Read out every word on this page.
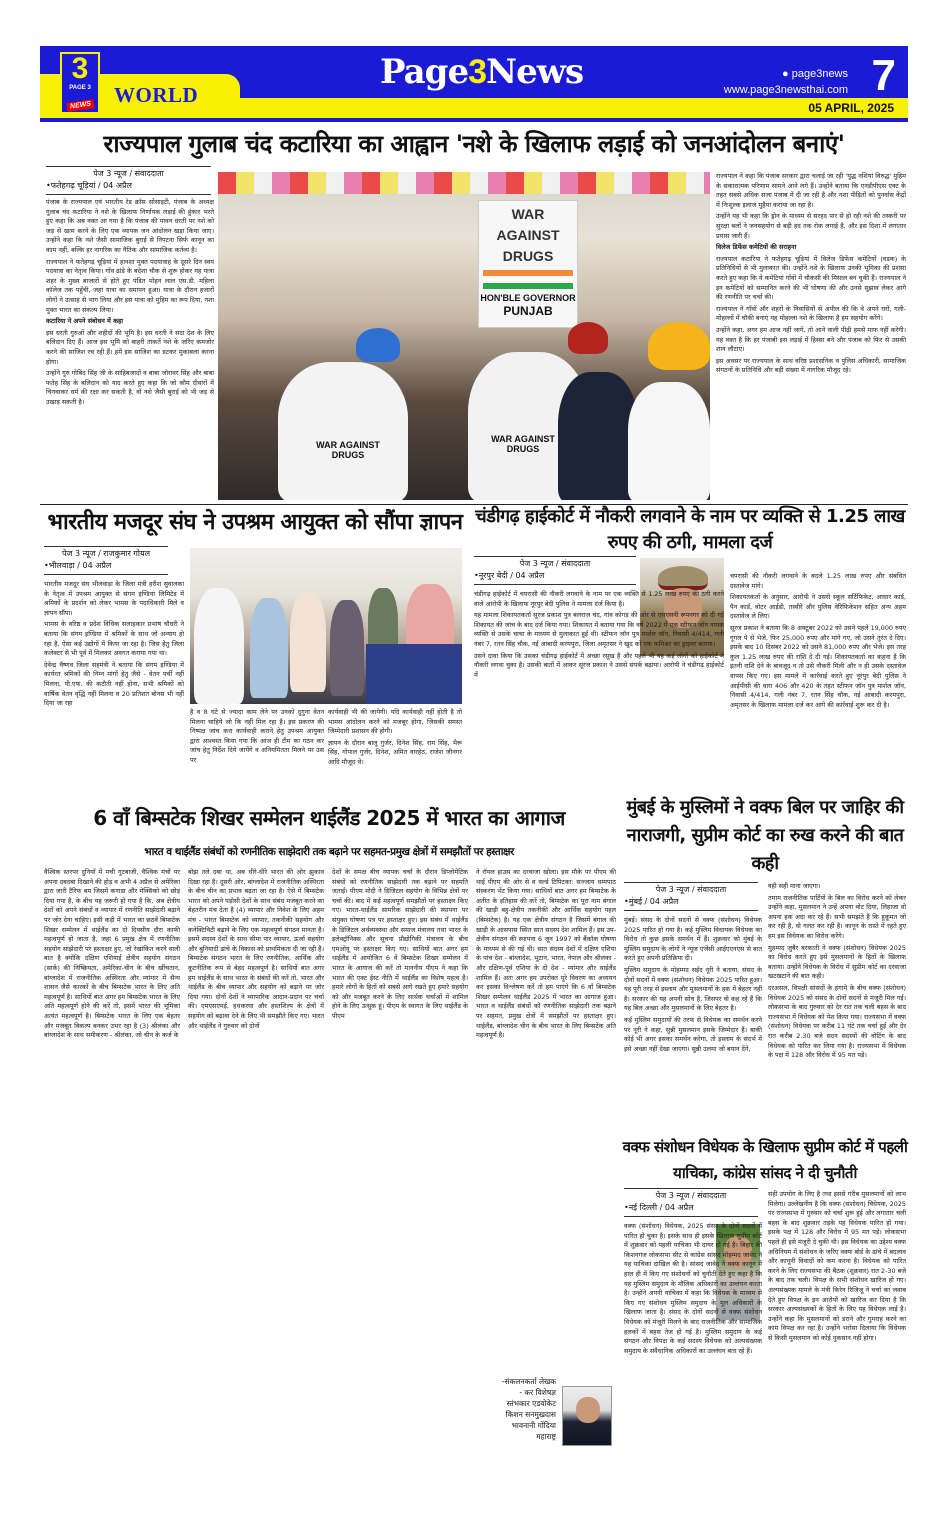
3
PAGE 3
NEWS	WORLD
Page3News	● page3news
www.page3newsthai.com 7
05 APRIL, 2025
राज्यपाल गुलाब चंद कटारिया का आह्वान 'नशे के खिलाफ लड़ाई को जनआंदोलन बनाएं'
पेज 3 न्यूज / संवाददाता
• फतेहगढ़ चूड़ियां / 04 अप्रैल

पंजाब के राज्यपाल एवं भारतीय रेड क्रॉस सोसाइटी, पंजाब के अध्यक्ष गुलाब चंद कटारिया ने नशे के खिलाफ निर्णायक लड़ाई की हुंकार भरते हुए कहा कि अब वक्त आ गया है कि पंजाब की पावन धरती पर नशे को जड़ से खत्म करने के लिए एक व्यापक जन आंदोलन खड़ा किया जाए। उन्होंने कहा कि नशे जैसी सामाजिक बुराई से निपटना सिर्फ कानून का काम नहीं, बल्कि हर नागरिक का नैतिक और सामाजिक कर्तव्य है।

राज्यपाल ने फतेहगढ़ चूड़ियां में हानशा मुक्त पदयात्राह के दूसरे दिन स्वयं पदयात्रा का नेतृत्व किया। गाँव ढांडे के बदेशा चौक से शुरू होकर यह यात्रा शहर के मुख्य बाजारों से होते हुए पंडित मोहन लाल एस.डी. महिला कॉलेज तक पहुँची, जहां यात्रा का समापन हुआ। यात्रा के दौरान हजारों लोगों ने उत्साह से भाग लिया और इस यात्रा को मुहिम का रूप दिया, नशा मुक्त भारत का संकल्प लिया।

कटारिया ने अपने संबोधन में कहा

इस धरती गुरुओं और शहीदों की भूमि है। इस धरती ने सदा देश के लिए बलिदान दिए हैं। आज इस भूमि को बाहरी ताकतें नशे के जरिए कमजोर करने की साजिश रच रही हैं। हमें इस साजिश का डटकर मुकाबला करना होगा।

उन्होंने गुरु गोबिंद सिंह जी के साहिबजादों व बाबा जोरावर सिंह और बाबा फतेह सिंह के बलिदान को याद करते हुए कहा कि जो कौम दीवारों में चिनवाकर धर्म की रक्षा कर सकती है, वो नशे जैसी बुराई को भी जड़ से उखाड़ सकती है।

WAR
AGAINST
DRUGS
HON'BLE GOVERNOR
PUNJAB
WAR AGAINST DRUGS
WAR AGAINST DRUGS

राज्यपाल ने कहा कि पंजाब सरकार द्वारा चलाई जा रही 'युद्ध नशियां विरुद्ध' मुहिम के सकारात्मक परिणाम सामने आने लगे हैं। उन्होंने बताया कि एनडीपीएस एक्ट के तहत सबसे अधिक सजा पंजाब में दी जा रही है और नशा पीड़ितों को पुनर्वास केंद्रों में निःशुल्क इलाज मुहैया कराया जा रहा है।

उन्होंने यह भी कहा कि ड्रोन के माध्यम से सरहद पार से हो रही नशे की तस्करी पर सुरक्षा बलों ने जनसहयोग से बड़ी हद तक रोक लगाई है, और इस दिशा में लगातार प्रयास जारी हैं।

विलेज डिफेंस कमेटियों की सराहना

राज्यपाल कटारिया ने फतेहगढ़ चूड़ियां में विलेज डिफेंस कमेटियों (वडक) के प्रतिनिधियों से भी मुलाकात की। उन्होंने नशे के खिलाफ उनकी भूमिका की प्रशंसा करते हुए कहा कि ये कमेटियां गाँवों में चौकसी की मिसाल बन चुकी हैं। राज्यपाल ने इन कमेटियों को सम्मानित करने की भी घोषणा की और उनसे सुझाव लेकर आगे की रणनीति पर चर्चा की।

राज्यपाल ने गाँवों और शहरों के निवासियों से अपील की कि वे अपने घरों, गली-मोहल्लों में चौकी बनाएं यह मोहल्ला नशे के खिलाफ है हम सहयोग करेंगे।

उन्होंने कहा, अगर हम आज नहीं जागे, तो आने वाली पीढ़ी हमसे माफ नहीं करेगी। यह वक्त है कि हर पंजाबी इस लड़ाई में हिस्सा बने और पंजाब को फिर से उसकी शान लौटाए।

इस अवसर पर राज्यपाल के साथ वरिष्ठ प्रशासनिक व पुलिस अधिकारी, सामाजिक संगठनों के प्रतिनिधि और बड़ी संख्या में नागरिक मौजूद रहे।

भारतीय मजदूर संघ ने उपश्रम आयुक्त को सौंपा ज्ञापन
पेज 3 न्यूज / राजकुमार गोयल
• भीलवाड़ा / 04 अप्रैल

भारतीय मजदूर संघ भीलवाड़ा के जिला मंत्री हरीश सुवालका के नेतृत्व में उपश्रम आयुक्त से संगम इण्डिया लिमिटेड में श्रमिकों के प्रदर्शन को लेकर भामस के पदाधिकारी मिले व ज्ञापन सौंपा।

भामस के वरिष्ठ व प्रदेश विधिक सलाहकार प्रभाष चौधरी ने बताया कि संगम इण्डिया में श्रमिकों के साथ जो अन्याय हो रहा है, ऐसा कई उद्योगों में किया जा रहा है। जिस हेतु जिला कलेक्टर से भी पूर्व में मिलकर अवगत कराया गया था।

देवेन्द्र वैष्णव जिला सहमंत्री ने बताया कि संगम इण्डिया में कार्यरत श्रमिकों की निम्न मांगों हेतु जैसे - वेतन पर्ची नहीं मिलना, पी.एफ. की कटौती नहीं होना, सभी श्रमिकों को वार्षिक वेतन वृद्धि नहीं मिलना व 20 प्रतिशत बोनस भी नहीं दिया जा रहा

है व 8 घंटे से ज्यादा काम लेने पर उनको दुगुना वेतन मिलना चाहिये जो कि नहीं मिल रहा है। इस प्रकरण की निष्पक्ष जांच करा कार्यवाही कराने हेतु उपश्रम आयुक्त द्वारा आश्वस्त किया गया कि आज ही टीम का गठन कर जांच हेतु निर्देश दिये जायेंगे व अनियमितता मिलने पर उस पर

कार्यवाही भी की जायेगी। यदि कार्यवाही नहीं होती है तो भामस आंदोलन करने को मजबूर होगा, जिसकी समस्त जिम्मेदारी प्रशासन की होगी।

ज्ञापन के दौरान बालू गुर्जर, दिनेश सिंह, राम सिंह, भैरू सिंह, गोपाल गुर्जर, दिनेश, अमित वारहेठ, राजेश जीनगर आदि मौजूद थे।

चंडीगढ़ हाईकोर्ट में नौकरी लगवाने के नाम पर व्यक्ति से 1.25 लाख रुपए की ठगी, मामला दर्ज
पेज 3 न्यूज / संवाददाता
• नूरपुर बेदी / 04 अप्रैल

चंडीगढ़ हाईकोर्ट में चपरासी की नौकरी लगवाने के नाम पर एक व्यक्ति से 1.25 लाख रुपए की ठगी करने वाले आरोपी के खिलाफ नूरपुर बेदी पुलिस ने मामला दर्ज किया है।

यह मामला शिकायतकर्ता सूरज प्रकाश पुत्र बलराज चंद, गांव कोगड़ की ओर से एसएसपी रूपनगर को दी गई शिकायत की जांच के बाद दर्ज किया गया। शिकायत में बताया गया कि वर्ष 2022 में एक स्टीफन जॉन नामक व्यक्ति से उसके चाचा के माध्यम से मुलाकात हुई थी। स्टीफन जॉन पुत्र मार्शल जॉन, निवासी 4/414, गली नंबर 7, रतन सिंह चौक, नई आबादी करमपुरा, जिला अमृतसर ने खुद को एक कमिश्नर का ड्राइवर बताया।

उसने दावा किया कि उसका चंडीगढ़ हाईकोर्ट में अच्छा रसूख है और पहले भी वह कई लोगों को हाईकोर्ट में नौकरी लगवा चुका है। उसकी बातों में आकर सूरज प्रकाश ने उससे संपर्क बढ़ाया। आरोपी ने चंडीगढ़ हाईकोर्ट में

चपरासी की नौकरी लगवाने के बदले 1.25 लाख रुपए और संबंधित दस्तावेज मांगे।

शिकायतकर्ता के अनुसार, आरोपी ने उससे स्कूल सर्टिफिकेट, आधार कार्ड, पैन कार्ड, वोटर आईडी, तस्वीरें और पुलिस वेरिफिकेशन सहित अन्य अहम दस्तावेज ले लिए।

सूरज प्रकाश ने बताया कि 8 अक्टूबर 2022 को उसने पहले 19,000 रुपए गूगल पे से भेजे, फिर 25,000 रुपए और मांगे गए, जो उसने तुरंत दे दिए। इसके बाद 10 दिसंबर 2022 को उसने 81,000 रुपए और भेजे। इस तरह कुल 1.25 लाख रुपए की राशि दे दी गई। शिकायतकर्ता का कहना है कि इतनी राशि देने के बावजूद न तो उसे नौकरी मिली और न ही उसके दस्तावेज वापस किए गए। इस मामले में कार्रवाई करते हुए नूरपुर बेदी पुलिस ने आईपीसी की धारा 406 और 420 के तहत स्टीफन जॉन पुत्र मार्शल जॉन, निवासी 4/414, गली नंबर 7, रतन सिंह चौक, नई आबादी करमपुरा, अमृतसर के खिलाफ मामला दर्ज कर आगे की कार्रवाई शुरू कर दी है।

6 वाँ बिम्सटेक शिखर सम्मेलन थाईलैंड 2025 में भारत का आगाज
भारत व थाईलैंड संबंधों को रणनीतिक साझेदारी तक बढ़ाने पर सहमत-प्रमुख क्षेत्रों में समझौतों पर हस्ताक्षर

वैश्विक स्तरपर दुनियाँ में मची गुटबाजी, वैश्विक मंचों पर अपना दबदबा दिखाने की होड़ व अभी 4 अप्रैल से अमेरिका द्वारा जारी टैरिफ बम जिसमें कनाडा और मेक्सिको को छोड़ दिया गया है, के बीच यह जरूरी हो गया है कि, अब क्षेत्रीय देशों को अपने संबंधों व व्यापार में रणनीति साझेदारी बढ़ाने पर जोर देना चाहिए। इसी कड़ी में भारत का छठवें बिम्सटेक शिखर सम्मेलन में थाईलैंड का दो दिवसीय दौरा काफी महत्वपूर्ण हो जाता है, जहां 6 प्रमुख क्षेत्र में रणनीतिक सहयोग साझेदारी पर हस्ताक्षर हुए, जो रेखांकित करने वाली बात है क्योंकि दक्षिण एशियाई क्षेत्रीय सहयोग संगठन (सार्क) की निष्क्रियता, अमेरिका-चीन के बीच खींचतान, बांग्लादेश में राजनीतिक अस्थिरता और म्यांमार में सैन्य शासन जैसे कारकों के बीच बिम्सटेक भारत के लिए अति महत्वपूर्ण है। साथियों बात अगर हम बिम्सटेक भारत के लिए अति महत्वपूर्ण होने की करें तो, इसमें भारत की भूमिका अत्यंत महत्वपूर्ण है। बिम्सटेक भारत के लिए एक बेहतर और मजबूत विकल्प बनकर उभर रहा है (3) श्रीलंका और बांग्लादेश के साथ समीकरण - श्रीलंका, जो चीन के कर्ज के

बोझ तले दबा था, अब धीरे-धीरे भारत की ओर झुकाव दिखा रहा है। दूसरी ओर, बांग्लादेश में राजनीतिक अस्थिरता के बीच चीन का प्रभाव बढ़ता जा रहा है। ऐसे में बिम्सटेक भारत को अपने पड़ोसी देशों के साथ संबंध मजबूत करने का बेहतरीन मंच देता है (4) व्यापार और निवेश के लिए अहम मंच - भारत बिम्सटेक को व्यापार, तकनीकी सहयोग और कनेक्टिविटी बढ़ाने के लिए एक महत्वपूर्ण संगठन मानता है। इसमें सदस्य देशों के साथ सीमा पार व्यापार, ऊर्जा सहयोग और बुनियादी ढांचे के विकास को प्राथमिकता दी जा रही है। बिम्सटेक संगठन भारत के लिए रणनीतिक, आर्थिक और कूटनीतिक रूप से बेहद महत्वपूर्ण है। साथियों बात अगर हम थाईलैंड के साथ भारत के संबंधों की करें तो, भारत और थाईलैंड के बीच व्यापार और सहयोग को बढ़ाने पर जोर दिया गया। दोनों देशों ने व्यापारिक आदान-प्रदान पर चर्चा की। एमएसएमई, हथकरघा और हस्तशिल्प के क्षेत्रों में सहयोग को बढ़ावा देने के लिए भी समझौते किए गए। भारत और थाईलैंड ने गुरुवार को दोनों

देशों के समक्ष बीच व्यापक चर्चा के दौरान डिप्लोमेटिक संबंधों को रणनीतिक साझेदारी तक बढ़ाने पर सहमति जताई। पीएम मोदी ने डिजिटल सहयोग के विभिन्न क्षेत्रों पर चर्चा की। बाद में कई महत्वपूर्ण समझौतों पर हस्ताक्षर किए गए। भारत-थाईलैंड सामरिक साझेदारी की स्थापना पर संयुक्त घोषणा पत्र पर हस्ताक्षर हुए। इस संबंध में थाईलैंड के डिजिटल अर्थव्यवस्था और समाज मंत्रालय तथा भारत के इलेक्ट्रॉनिक्स और सूचना प्रौद्योगिकी मंत्रालय के बीच एमओयू पर हस्ताक्षर किए गए। साथियों बात अगर हम थाईलैंड में आयोजित 6 वें बिम्सटेक शिखर सम्मेलन में भारत के आगाज की करें तो माननीय पीएम ने कहा कि भारत की एक्ट ईस्ट नीति में थाईलैंड का विशेष महत्व है। हमारे लोगों के हितों को सबसे आगे रखते हुए हमारे सहयोग को और मजबूत करने के लिए सार्थक चर्चाओं में शामिल होने के लिए उत्सुक हूं। पीएम के स्वागत के लिए थाईलैंड के पीएम

ने रॉयल हाउस का दरवाजा खोला। इस मौके पर पीएम की थाई पीएम की ओर से व वर्ल्ड टिपिटका: सज्जाय धम्मपाठ संस्करण भेंट किया गया। साथियों बात अगर हम बिम्सटेक के अतीत के इतिहास की करें तो, बिम्सटेक का पूरा नाम बंगाल की खाड़ी बहु-क्षेत्रीय तकनीकी और आर्थिक सहयोग पहल (बिम्सटेक) है। यह एक क्षेत्रीय संगठन है जिसमें बंगाल की खाड़ी के आसपास स्थित सात सदस्य देश शामिल हैं। इस उप-क्षेत्रीय संगठन की स्थापना 6 जून 1997 को बैंकॉक घोषणा के माध्यम से की गई थी। सात सदस्य देशों में दक्षिण एशिया के पांच देश - बांग्लादेश, भूटान, भारत, नेपाल और श्रीलंका - और दक्षिण-पूर्व एशिया के दो देश - म्यांमार और थाईलैंड शामिल हैं। अतः अगर हम उपरोक्त पूरे विवरण का अध्ययन कर इसका विश्लेषण करें तो हम पाएंगे कि 6 वाँ बिम्सटेक शिखर सम्मेलन थाईलैंड 2025 में भारत का आगाज हुआ। भारत व थाईलैंड संबंधों को रणनीतिक साझेदारी तक बढ़ाने पर सहमत, प्रमुख क्षेत्रों में समझौतों पर हस्ताक्षर हुए। थाईलैंड, बांग्लादेश चीन के बीच भारत के लिए बिम्सटेक अति महत्वपूर्ण है।

-संकलनकर्ता लेखक
- कर विशेषज्ञ
स्तंभकार एडवोकेट
किशन सनमुखदास
भावनानी गोंदिया
महाराष्ट्र
मुंबई के मुस्लिमों ने वक्फ बिल पर जाहिर की नाराजगी, सुप्रीम कोर्ट का रुख करने की बात कही
पेज 3 न्यूज / संवाददाता
• मुंबई / 04 अप्रैल

मुंबई। संसद के दोनों सदनों से वक्फ (संशोधन) विधेयक 2025 पारित हो गया है। कई मुस्लिम विधायक विधेयक का विरोध तो कुछ इसके समर्थन में हैं। शुक्रवार को मुंबई के मुस्लिम समुदाय के लोगों ने न्यूज एजेंसी आईएएनएस से बात करते हुए अपनी प्रतिक्रिया दी।

मुस्लिम समुदाय के मोहम्मद सईद नूरी ने बताया, संसद के दोनों सदनों में वक्फ (संशोधन) विधेयक 2025 पारित हुआ। यह पूरी तरह से इस्लाम और मुसलमानों के हक में बेहतर नहीं है। सरकार की यह अपनी सोच है, जिसपर वो कह रहे हैं कि यह बिल अच्छा और मुसलमानों के लिए बेहतर है।

कई मुस्लिम समुदायों की तरफ से विधेयक का समर्थन करने पर नूरी ने कहा, सुन्नी मुसलमान इसके जिम्मेदार हैं। बाकी कोई भी अगर इसका समर्थन करेगा, तो इस्लाम के संदर्भ में इसे अच्छा नहीं देखा जाएगा। सुन्नी उलमा जो बयान देंगे,

वही सही माना जाएगा।

तमाम राजनीतिक पार्टियों के बिल का विरोध करने को लेकर उन्होंने कहा, मुसलमान ने उन्हें अपना वोट दिया, लिहाजा वो अपना हक अदा कर रहे हैं। सभी समझते हैं कि हुकूमत जो कर रही है, वो गलत कर रही है। कानून के रास्ते में रहते हुए हम इस विधेयक का विरोध करेंगे।

मुहम्मद जुबैर बरकाती ने वक्फ (संशोधन) विधेयक 2025 का विरोध करते हुए इसे मुसलमानों के हितों के खिलाफ बताया। उन्होंने विधेयक के विरोध में सुप्रीम कोर्ट का दरवाजा खटखटाने की बात कही।

दरअसल, विपक्षी सांसदों के हंगामे के बीच वक्फ (संशोधन) विधेयक 2025 को संसद के दोनों सदनों से मंजूरी मिल गई। लोकसभा के बाद गुरुवार को देर रात तक चली बहस के बाद राज्यसभा में विधेयक को पेश किया गया। राज्यसभा में वक्फ (संशोधन) विधेयक पर करीब 11 घंटे तक चर्चा हुई और देर रात करीब 2.30 बजे सदन सदस्यों की वोटिंग के बाद विधेयक को पारित कर लिया गया है। राज्यसभा में विधेयक के पक्ष में 128 और विरोध में 95 मत पड़े।

वक्फ संशोधन विधेयक के खिलाफ सुप्रीम कोर्ट में पहली याचिका, कांग्रेस सांसद ने दी चुनौती
पेज 3 न्यूज / संवाददाता
• नई दिल्ली / 04 अप्रैल

वक्फ (संशोधन) विधेयक, 2025 संसद के दोनों सदनों में पारित हो चुका है। इसके साथ ही इसके खिलाफ सुप्रीम कोर्ट में शुक्रवार को पहली याचिका भी दायर हो गई है। बिहार की किशनगंज लोकसभा सीट से कांग्रेस सांसद मोहम्मद जावेद ने यह याचिका दाखिल की है। सांसद जावेद ने वक्फ कानून में हाल ही में किए गए संशोधनों को चुनौती देते हुए कहा है कि यह मुस्लिम समुदाय के मौलिक अधिकारों का उल्लंघन करता है। उन्होंने अपनी याचिका में कहा कि विधेयक के माध्यम से किए गए संशोधन मुस्लिम समुदाय के मूल अधिकारों के खिलाफ जाता है। संसद के दोनों सदनों से वक्फ संशोधन विधेयक को मंजूरी मिलने के बाद राजनीतिक और सामाजिक हलकों में बहस तेज हो गई है। मुस्लिम समुदाय के कई संगठन और विपक्ष के कई सदस्य विधेयक को अल्पसंख्यक समुदाय के संवैधानिक अधिकारों का उल्लंघन बता रहे हैं।

सही उपयोग के लिए है तथा इससे गरीब मुसलमानों को लाभ मिलेगा। उल्लेखनीय है कि वक्फ (संशोधन) विधेयक, 2025 पर राज्यसभा में गुरुवार को चर्चा शुरू हुई और लगातार चली बहस के बाद शुक्रवार तड़के यह विधेयक पारित हो गया। इसके पक्ष में 128 और विरोध में 95 मत पड़े। लोकसभा पहले ही इसे मंजूरी दे चुकी थी। इस विधेयक का उद्देश्य वक्फ अधिनियम में संशोधन के जरिए वक्फ बोर्ड के ढांचे में बदलाव और कानूनी विवादों को कम करना है। विधेयक को पारित करने के लिए राज्यसभा की बैठक (शुक्रवार) रात 2-30 बजे के बाद तक चली। विपक्ष के सभी संशोधन खारिज हो गए। अल्पसंख्यक मामले के मंत्री किरेन रिजिजू ने चर्चा का जवाब देते हुए विपक्ष के इन आरोपों को खारिज कर दिया है कि सरकार अल्पसंख्यकों के हितों के लिए यह विधेयक लाई है। उन्होंने कहा कि मुसलमानों को डराने और गुमराह करने का काम विपक्ष कर रहा है। उन्होंने भरोसा दिलाया कि विधेयक से किसी मुसलमान को कोई नुकसान नहीं होगा।
